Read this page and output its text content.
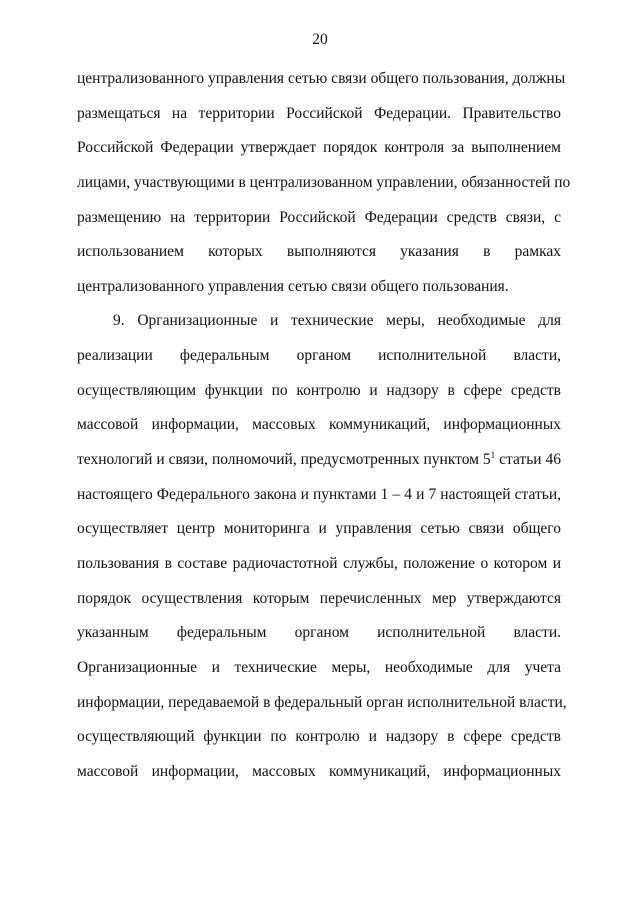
20
централизованного управления сетью связи общего пользования, должны
размещаться на территории Российской Федерации. Правительство
Российской Федерации утверждает порядок контроля за выполнением
лицами, участвующими в централизованном управлении, обязанностей по
размещению на территории Российской Федерации средств связи, с
использованием которых выполняются указания в рамках
централизованного управления сетью связи общего пользования.
9. Организационные и технические меры, необходимые для
реализации федеральным органом исполнительной власти,
осуществляющим функции по контролю и надзору в сфере средств
массовой информации, массовых коммуникаций, информационных
технологий и связи, полномочий, предусмотренных пунктом $5^1$ статьи 46
настоящего Федерального закона и пунктами 1 – 4 и 7 настоящей статьи,
осуществляет центр мониторинга и управления сетью связи общего
пользования в составе радиочастотной службы, положение о котором и
порядок осуществления которым перечисленных мер утверждаются
указанным федеральным органом исполнительной власти.
Организационные и технические меры, необходимые для учета
информации, передаваемой в федеральный орган исполнительной власти,
осуществляющий функции по контролю и надзору в сфере средств
массовой информации, массовых коммуникаций, информационных
